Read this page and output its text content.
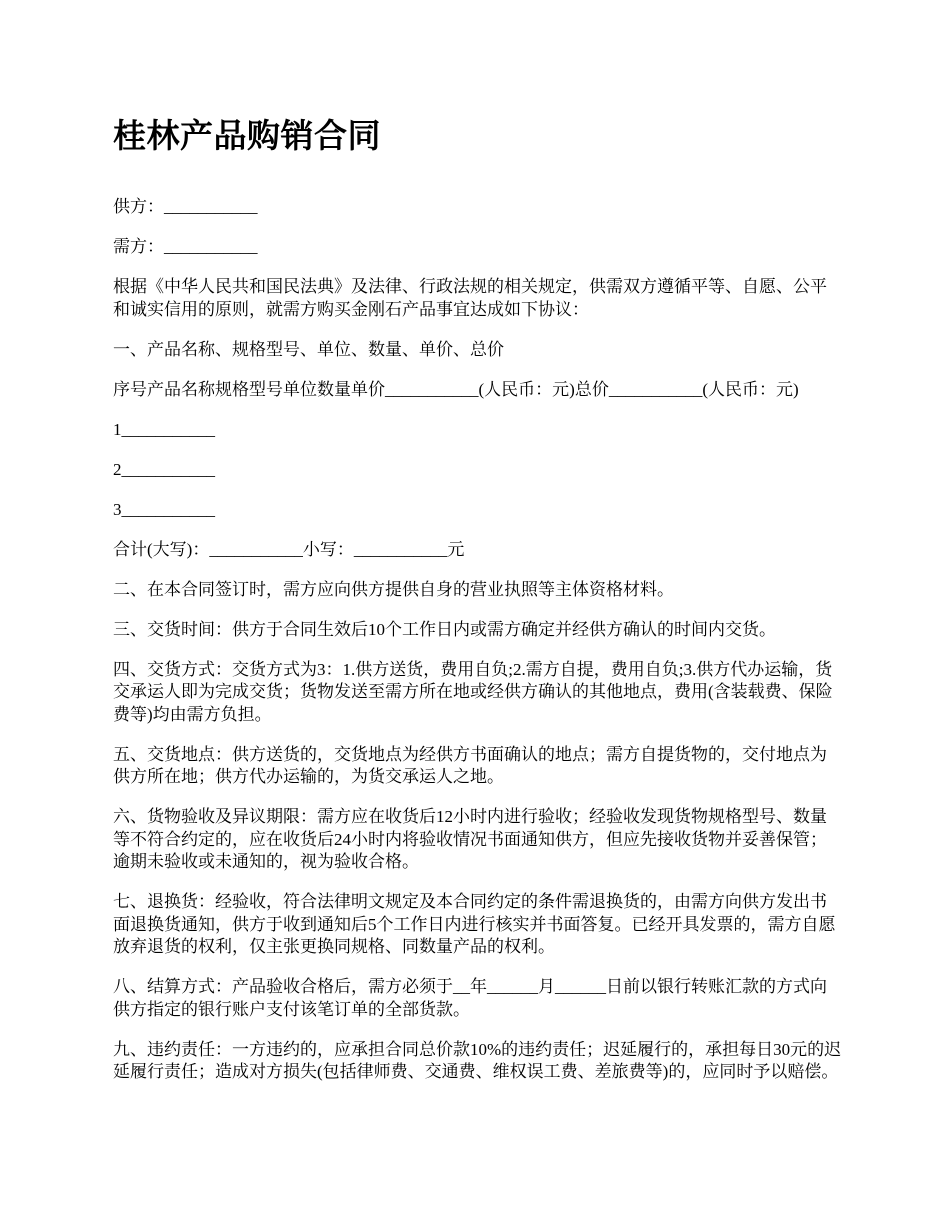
桂林产品购销合同

供方：___________

需方：___________

根据《中华人民共和国民法典》及法律、行政法规的相关规定，供需双方遵循平等、自愿、公平和诚实信用的原则，就需方购买金刚石产品事宜达成如下协议：

一、产品名称、规格型号、单位、数量、单价、总价

序号产品名称规格型号单位数量单价___________(人民币：元)总价___________(人民币：元)

1___________

2___________

3___________

合计(大写)：___________小写：___________元

二、在本合同签订时，需方应向供方提供自身的营业执照等主体资格材料。

三、交货时间：供方于合同生效后10个工作日内或需方确定并经供方确认的时间内交货。

四、交货方式：交货方式为3：1.供方送货，费用自负;2.需方自提，费用自负;3.供方代办运输，货交承运人即为完成交货；货物发送至需方所在地或经供方确认的其他地点，费用(含装载费、保险费等)均由需方负担。

五、交货地点：供方送货的，交货地点为经供方书面确认的地点；需方自提货物的，交付地点为供方所在地；供方代办运输的，为货交承运人之地。

六、货物验收及异议期限：需方应在收货后12小时内进行验收；经验收发现货物规格型号、数量等不符合约定的，应在收货后24小时内将验收情况书面通知供方，但应先接收货物并妥善保管；逾期未验收或未通知的，视为验收合格。

七、退换货：经验收，符合法律明文规定及本合同约定的条件需退换货的，由需方向供方发出书面退换货通知，供方于收到通知后5个工作日内进行核实并书面答复。已经开具发票的，需方自愿放弃退货的权利，仅主张更换同规格、同数量产品的权利。

八、结算方式：产品验收合格后，需方必须于__年______月______日前以银行转账汇款的方式向供方指定的银行账户支付该笔订单的全部货款。

九、违约责任：一方违约的，应承担合同总价款10%的违约责任；迟延履行的，承担每日30元的迟延履行责任；造成对方损失(包括律师费、交通费、维权误工费、差旅费等)的，应同时予以赔偿。
